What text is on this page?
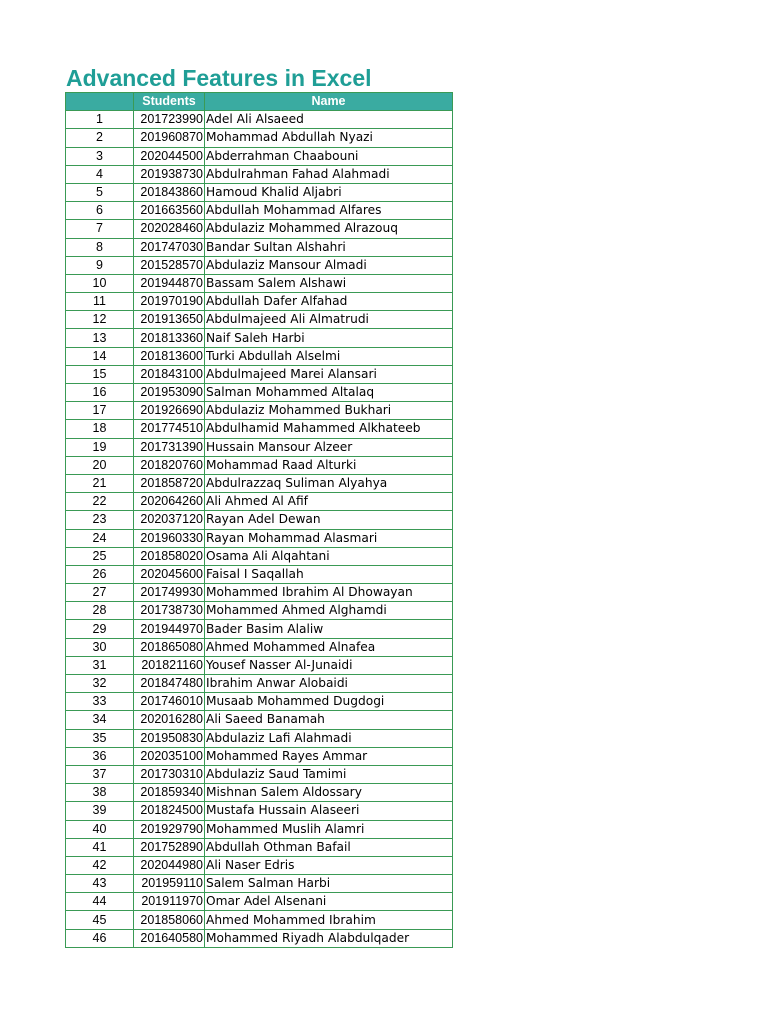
Advanced Features in Excel
	Students	Name
1	201723990	Adel Ali Alsaeed
2	201960870	Mohammad Abdullah Nyazi
3	202044500	Abderrahman Chaabouni
4	201938730	Abdulrahman Fahad Alahmadi
5	201843860	Hamoud Khalid Aljabri
6	201663560	Abdullah Mohammad Alfares
7	202028460	Abdulaziz Mohammed Alrazouq
8	201747030	Bandar Sultan Alshahri
9	201528570	Abdulaziz Mansour Almadi
10	201944870	Bassam Salem Alshawi
11	201970190	Abdullah Dafer Alfahad
12	201913650	Abdulmajeed Ali Almatrudi
13	201813360	Naif Saleh Harbi
14	201813600	Turki Abdullah Alselmi
15	201843100	Abdulmajeed Marei Alansari
16	201953090	Salman Mohammed Altalaq
17	201926690	Abdulaziz Mohammed Bukhari
18	201774510	Abdulhamid Mahammed Alkhateeb
19	201731390	Hussain Mansour Alzeer
20	201820760	Mohammad Raad Alturki
21	201858720	Abdulrazzaq Suliman Alyahya
22	202064260	Ali Ahmed Al Afif
23	202037120	Rayan Adel Dewan
24	201960330	Rayan Mohammad Alasmari
25	201858020	Osama Ali Alqahtani
26	202045600	Faisal I Saqallah
27	201749930	Mohammed Ibrahim Al Dhowayan
28	201738730	Mohammed Ahmed Alghamdi
29	201944970	Bader Basim Alaliw
30	201865080	Ahmed Mohammed Alnafea
31	201821160	Yousef Nasser Al-Junaidi
32	201847480	Ibrahim Anwar Alobaidi
33	201746010	Musaab Mohammed Dugdogi
34	202016280	Ali Saeed Banamah
35	201950830	Abdulaziz Lafi Alahmadi
36	202035100	Mohammed Rayes Ammar
37	201730310	Abdulaziz Saud Tamimi
38	201859340	Mishnan Salem Aldossary
39	201824500	Mustafa Hussain Alaseeri
40	201929790	Mohammed Muslih Alamri
41	201752890	Abdullah Othman Bafail
42	202044980	Ali Naser Edris
43	201959110	Salem Salman Harbi
44	201911970	Omar Adel Alsenani
45	201858060	Ahmed Mohammed Ibrahim
46	201640580	Mohammed Riyadh Alabdulqader
